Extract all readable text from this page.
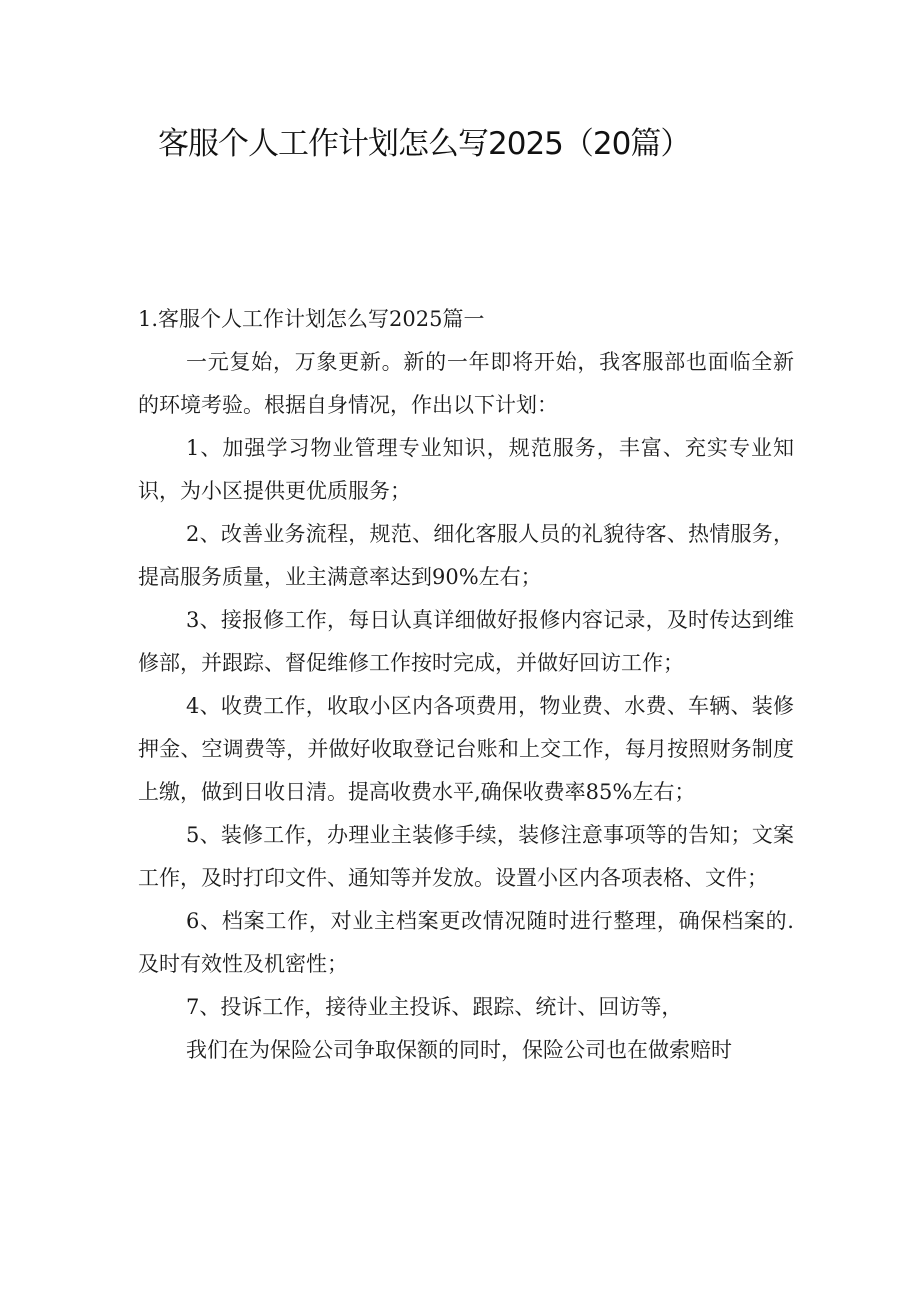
客服个人工作计划怎么写2025（20篇）

1.客服个人工作计划怎么写2025篇一

一元复始，万象更新。新的一年即将开始，我客服部也面临全新的环境考验。根据自身情况，作出以下计划：

1、加强学习物业管理专业知识，规范服务，丰富、充实专业知识，为小区提供更优质服务；

2、改善业务流程，规范、细化客服人员的礼貌待客、热情服务，提高服务质量，业主满意率达到90%左右；

3、接报修工作，每日认真详细做好报修内容记录，及时传达到维修部，并跟踪、督促维修工作按时完成，并做好回访工作；

4、收费工作，收取小区内各项费用，物业费、水费、车辆、装修押金、空调费等，并做好收取登记台账和上交工作，每月按照财务制度上缴，做到日收日清。提高收费水平,确保收费率85%左右；

5、装修工作，办理业主装修手续，装修注意事项等的告知；文案工作，及时打印文件、通知等并发放。设置小区内各项表格、文件；

6、档案工作，对业主档案更改情况随时进行整理，确保档案的.及时有效性及机密性；

7、投诉工作，接待业主投诉、跟踪、统计、回访等，

我们在为保险公司争取保额的同时，保险公司也在做索赔时
